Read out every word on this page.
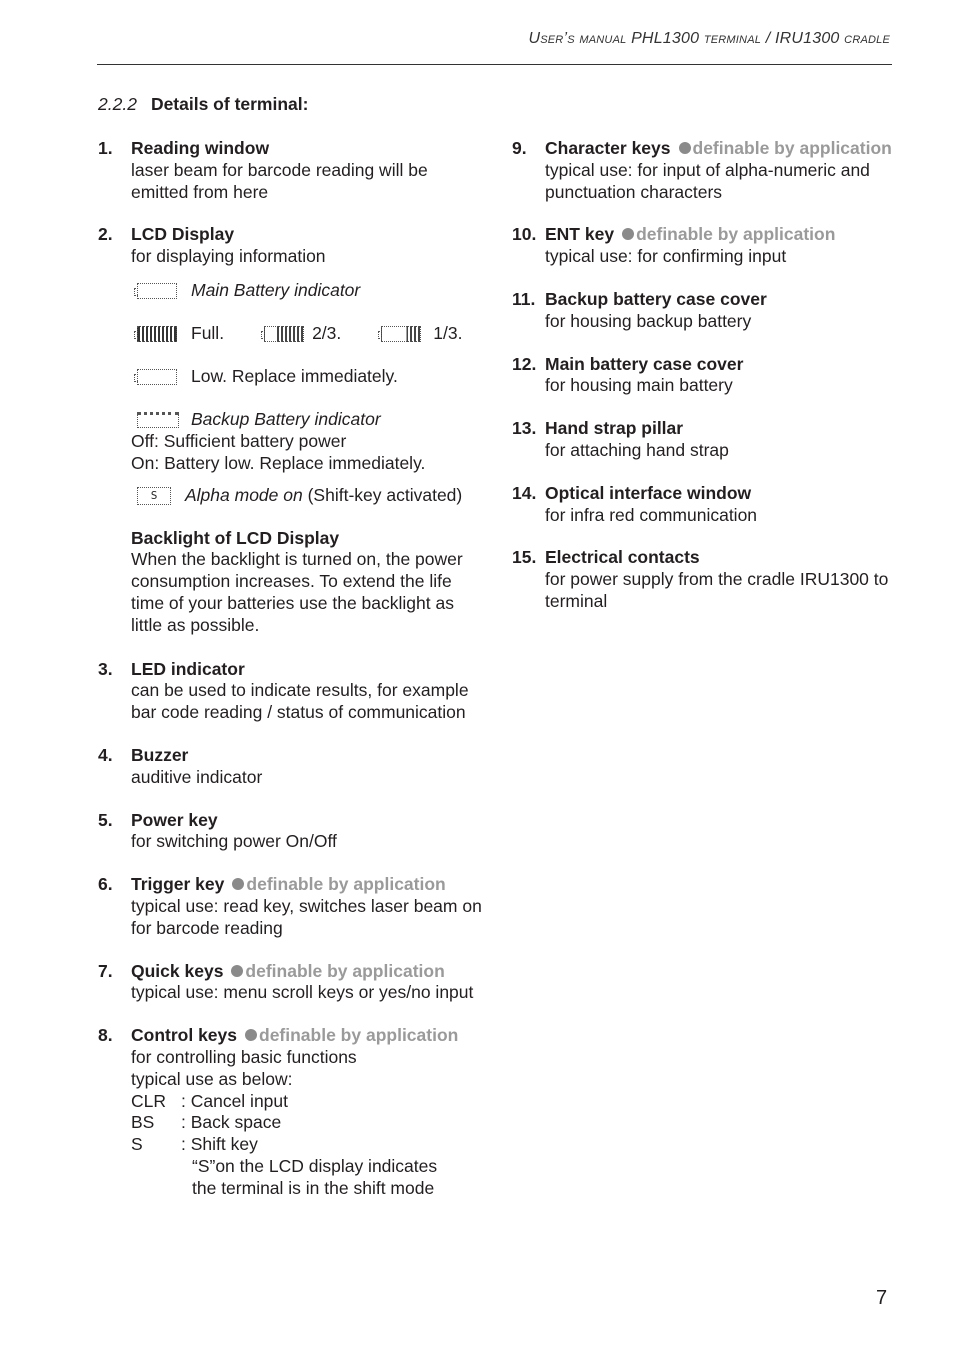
User’s manual PHL1300 terminal / IRU1300 cradle
2.2.2 Details of terminal:
1. Reading window
laser beam for barcode reading will be emitted from here
2. LCD Display
for displaying information
Main Battery indicator
Full.	2/3.	1/3.
Low. Replace immediately.
Backup Battery indicator
Off: Sufficient battery power
On: Battery low. Replace immediately.
S	Alpha mode on (Shift-key activated)
Backlight of LCD Display
When the backlight is turned on, the power consumption increases. To extend the life time of your batteries use the backlight as little as possible.
3. LED indicator
can be used to indicate results, for example bar code reading / status of communication
4. Buzzer
auditive indicator
5. Power key
for switching power On/Off
6. Trigger key definable by application
typical use: read key, switches laser beam on for barcode reading
7. Quick keys definable by application
typical use: menu scroll keys or yes/no input
8. Control keys definable by application
for controlling basic functions
typical use as below:
CLR : Cancel input
BS	: Back space
S	: Shift key
“S”on the LCD display indicates
the terminal is in the shift mode
9. Character keys definable by application
typical use: for input of alpha-numeric and punctuation characters
10. ENT key definable by application
typical use: for confirming input
11. Backup battery case cover
for housing backup battery
12. Main battery case cover
for housing main battery
13. Hand strap pillar
for attaching hand strap
14. Optical interface window
for infra red communication
15. Electrical contacts
for power supply from the cradle IRU1300 to terminal
7
